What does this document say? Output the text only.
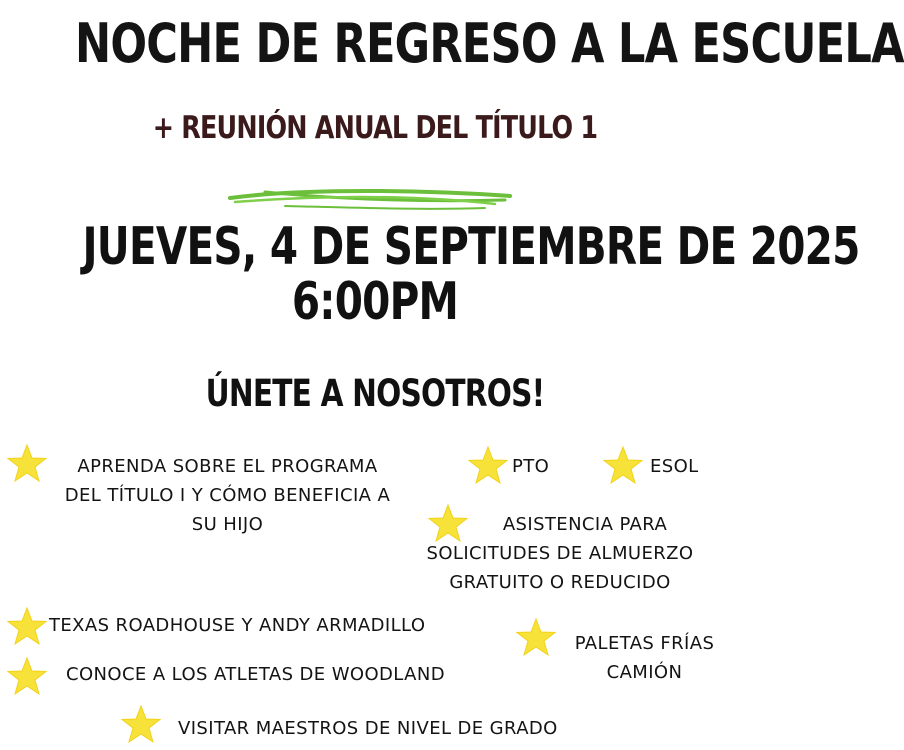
NOCHE DE REGRESO A LA ESCUELA
+ REUNIÓN ANUAL DEL TÍTULO 1
JUEVES, 4 DE SEPTIEMBRE DE 2025
6:00PM
ÚNETE A NOSOTROS!
APRENDA SOBRE EL PROGRAMA
DEL TÍTULO I Y CÓMO BENEFICIA A
SU HIJO
PTO	ESOL
ASISTENCIA PARA
SOLICITUDES DE ALMUERZO
GRATUITO O REDUCIDO
TEXAS ROADHOUSE Y ANDY ARMADILLO
PALETAS FRÍAS
CAMIÓN
CONOCE A LOS ATLETAS DE WOODLAND
VISITAR MAESTROS DE NIVEL DE GRADO
